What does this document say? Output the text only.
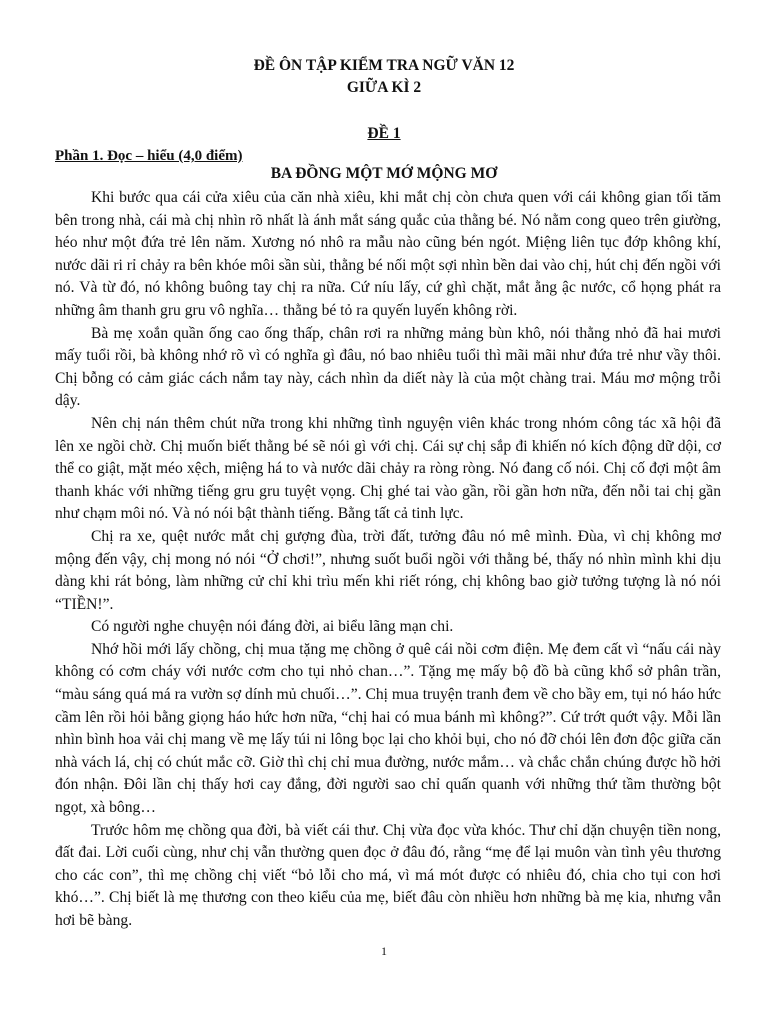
ĐỀ ÔN TẬP KIỂM TRA NGỮ VĂN 12
GIỮA KÌ 2
ĐỀ 1
Phần 1. Đọc – hiểu (4,0 điểm)
BA ĐỒNG MỘT MỚ MỘNG MƠ

Khi bước qua cái cửa xiêu của căn nhà xiêu, khi mắt chị còn chưa quen với cái không gian tối tăm bên trong nhà, cái mà chị nhìn rõ nhất là ánh mắt sáng quắc của thằng bé. Nó nằm cong queo trên giường, héo như một đứa trẻ lên năm. Xương nó nhô ra mẫu nào cũng bén ngót. Miệng liên tục đớp không khí, nước dãi ri rỉ chảy ra bên khóe môi sần sùi, thằng bé nối một sợi nhìn bền dai vào chị, hút chị đến ngồi với nó. Và từ đó, nó không buông tay chị ra nữa. Cứ níu lấy, cứ ghì chặt, mắt ằng ậc nước, cổ họng phát ra những âm thanh gru gru vô nghĩa… thằng bé tỏ ra quyến luyến không rời.

Bà mẹ xoắn quần ống cao ống thấp, chân rơi ra những mảng bùn khô, nói thằng nhỏ đã hai mươi mấy tuổi rồi, bà không nhớ rõ vì có nghĩa gì đâu, nó bao nhiêu tuổi thì mãi mãi như đứa trẻ như vầy thôi. Chị bỗng có cảm giác cách nắm tay này, cách nhìn da diết này là của một chàng trai. Máu mơ mộng trỗi dậy.

Nên chị nán thêm chút nữa trong khi những tình nguyện viên khác trong nhóm công tác xã hội đã lên xe ngồi chờ. Chị muốn biết thằng bé sẽ nói gì với chị. Cái sự chị sắp đi khiến nó kích động dữ dội, cơ thể co giật, mặt méo xệch, miệng há to và nước dãi chảy ra ròng ròng. Nó đang cố nói. Chị cố đợi một âm thanh khác với những tiếng gru gru tuyệt vọng. Chị ghé tai vào gần, rồi gần hơn nữa, đến nỗi tai chị gần như chạm môi nó. Và nó nói bật thành tiếng. Bằng tất cả tinh lực.

Chị ra xe, quệt nước mắt chị gượng đùa, trời đất, tưởng đâu nó mê mình. Đùa, vì chị không mơ mộng đến vậy, chị mong nó nói “Ở chơi!”, nhưng suốt buổi ngồi với thằng bé, thấy nó nhìn mình khi dịu dàng khi rát bỏng, làm những cử chỉ khi trìu mến khi riết róng, chị không bao giờ tưởng tượng là nó nói “TIỀN!”.

Có người nghe chuyện nói đáng đời, ai biểu lãng mạn chi.

Nhớ hồi mới lấy chồng, chị mua tặng mẹ chồng ở quê cái nồi cơm điện. Mẹ đem cất vì “nấu cái này không có cơm cháy với nước cơm cho tụi nhỏ chan…”. Tặng mẹ mấy bộ đồ bà cũng khổ sở phân trần, “màu sáng quá má ra vườn sợ dính mủ chuối…”. Chị mua truyện tranh đem về cho bầy em, tụi nó háo hức cầm lên rồi hỏi bằng giọng háo hức hơn nữa, “chị hai có mua bánh mì không?”. Cứ trớt quớt vậy. Mỗi lần nhìn bình hoa vải chị mang về mẹ lấy túi ni lông bọc lại cho khỏi bụi, cho nó đỡ chói lên đơn độc giữa căn nhà vách lá, chị có chút mắc cỡ. Giờ thì chị chỉ mua đường, nước mắm… và chắc chắn chúng được hồ hởi đón nhận. Đôi lần chị thấy hơi cay đắng, đời người sao chỉ quấn quanh với những thứ tầm thường bột ngọt, xà bông…

Trước hôm mẹ chồng qua đời, bà viết cái thư. Chị vừa đọc vừa khóc. Thư chỉ dặn chuyện tiền nong, đất đai. Lời cuối cùng, như chị vẫn thường quen đọc ở đâu đó, rằng “mẹ để lại muôn vàn tình yêu thương cho các con”, thì mẹ chồng chị viết “bỏ lỗi cho má, vì má mót được có nhiêu đó, chia cho tụi con hơi khó…”. Chị biết là mẹ thương con theo kiểu của mẹ, biết đâu còn nhiều hơn những bà mẹ kia, nhưng vẫn hơi bẽ bàng.

1
